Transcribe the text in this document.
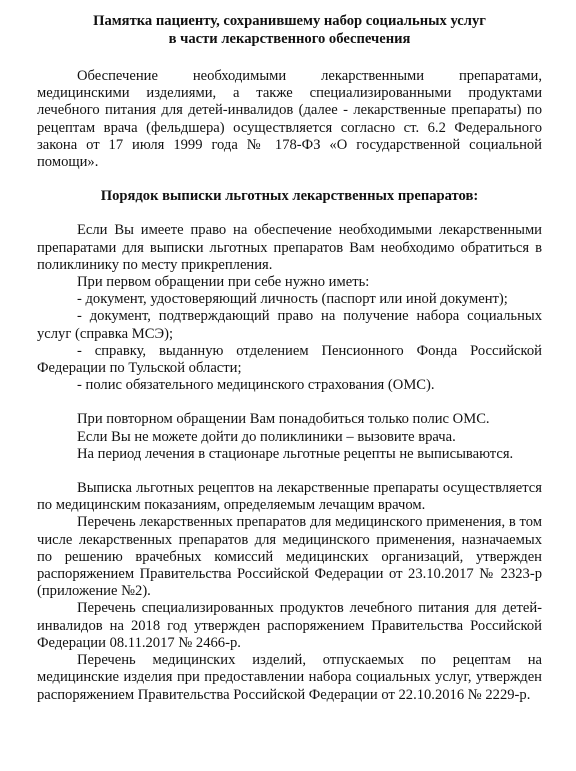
Памятка пациенту, сохранившему набор социальных услуг
в части лекарственного обеспечения

Обеспечение необходимыми лекарственными препаратами, медицинскими изделиями, а также специализированными продуктами лечебного питания для детей-инвалидов (далее - лекарственные препараты) по рецептам врача (фельдшера) осуществляется согласно ст. 6.2 Федерального закона от 17 июля 1999 года № 178-ФЗ «О государственной социальной помощи».

Порядок выписки льготных лекарственных препаратов:

Если Вы имеете право на обеспечение необходимыми лекарственными препаратами для выписки льготных препаратов Вам необходимо обратиться в поликлинику по месту прикрепления.

При первом обращении при себе нужно иметь:

- документ, удостоверяющий личность (паспорт или иной документ);

- документ, подтверждающий право на получение набора социальных услуг (справка МСЭ);

- справку, выданную отделением Пенсионного Фонда Российской Федерации по Тульской области;

- полис обязательного медицинского страхования (ОМС).

При повторном обращении Вам понадобиться только полис ОМС.

Если Вы не можете дойти до поликлиники – вызовите врача.

На период лечения в стационаре льготные рецепты не выписываются.

Выписка льготных рецептов на лекарственные препараты осуществляется по медицинским показаниям, определяемым лечащим врачом.

Перечень лекарственных препаратов для медицинского применения, в том числе лекарственных препаратов для медицинского применения, назначаемых по решению врачебных комиссий медицинских организаций, утвержден распоряжением Правительства Российской Федерации от 23.10.2017 № 2323-р (приложение №2).

Перечень специализированных продуктов лечебного питания для детей-инвалидов на 2018 год утвержден распоряжением Правительства Российской Федерации 08.11.2017 № 2466-р.

Перечень медицинских изделий, отпускаемых по рецептам на медицинские изделия при предоставлении набора социальных услуг, утвержден распоряжением Правительства Российской Федерации от 22.10.2016 № 2229-р.
